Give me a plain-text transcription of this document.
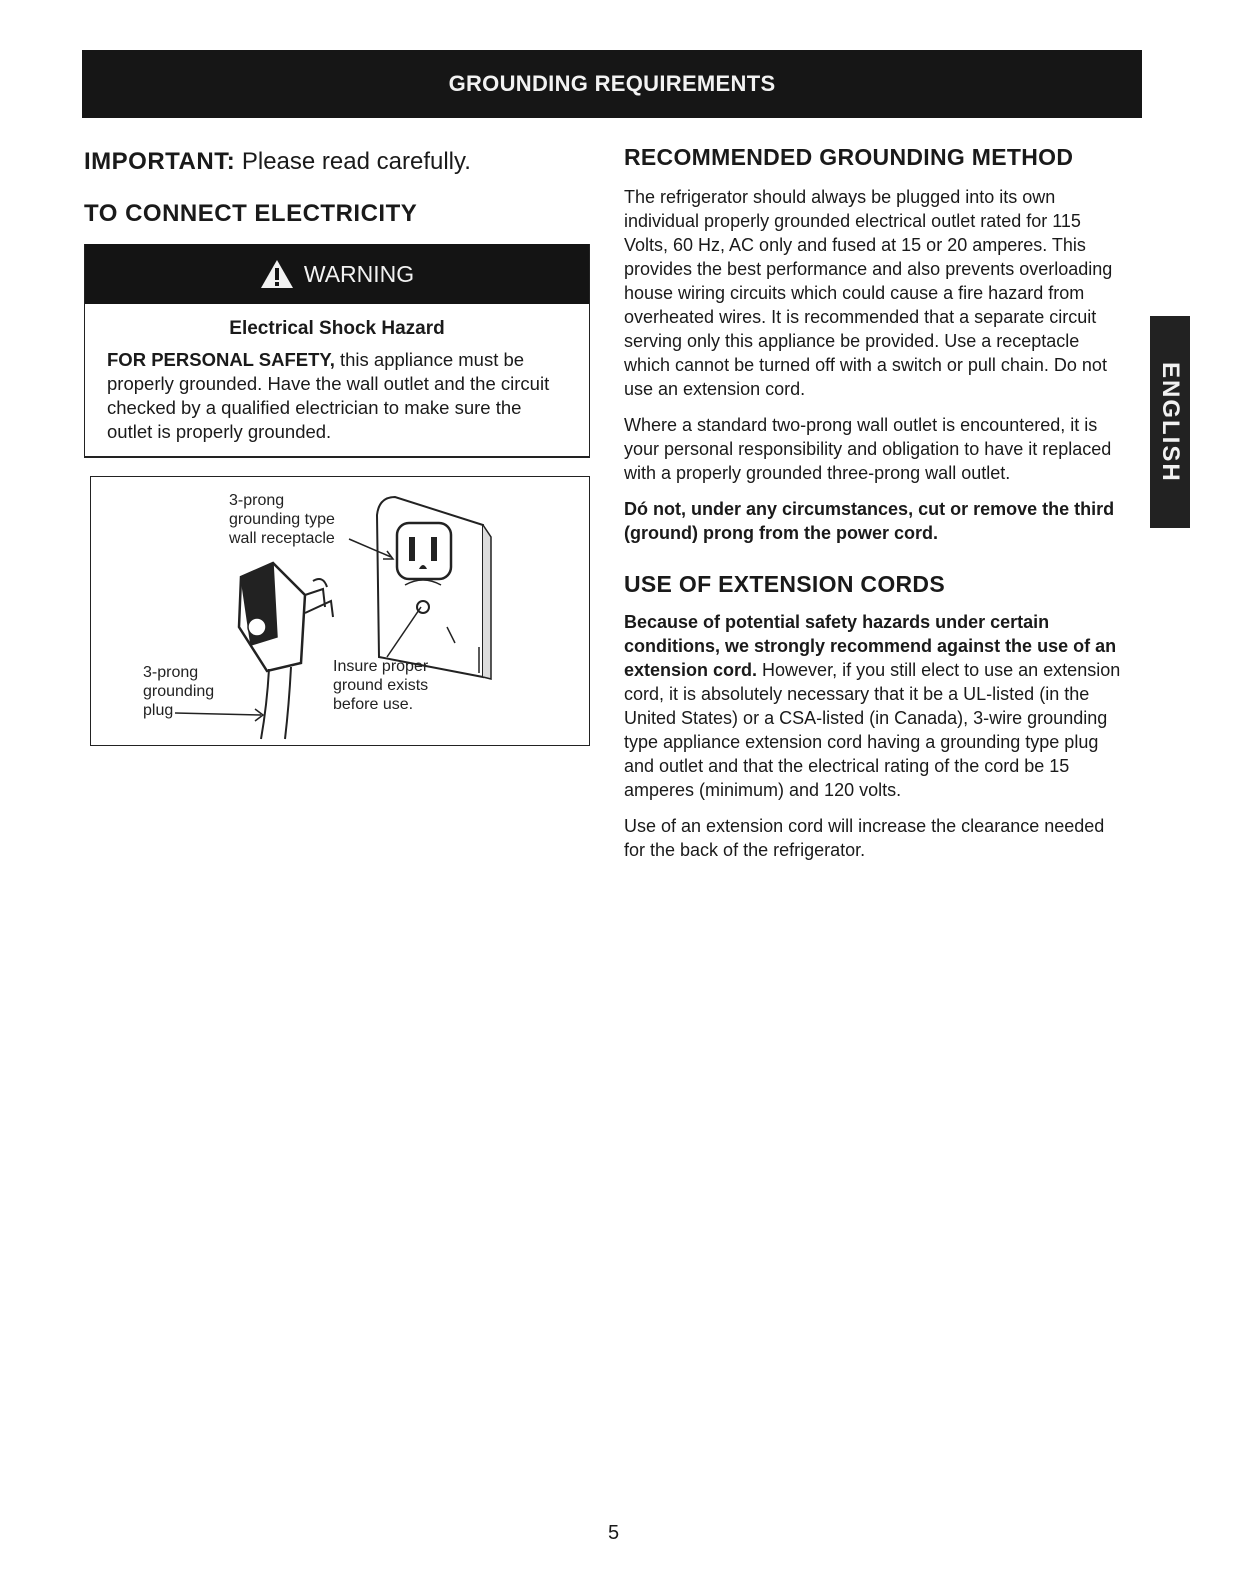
GROUNDING REQUIREMENTS
IMPORTANT: Please read carefully.
TO CONNECT ELECTRICITY
WARNING
Electrical Shock Hazard
FOR PERSONAL SAFETY, this appliance must be properly grounded. Have the wall outlet and the circuit checked by a qualified electrician to make sure the outlet is properly grounded.
3-prong
grounding type
wall receptacle
3-prong
grounding
plug
Insure proper
ground exists
before use.
RECOMMENDED GROUNDING METHOD

The refrigerator should always be plugged into its own individual properly grounded electrical outlet rated for 115 Volts, 60 Hz, AC only and fused at 15 or 20 amperes. This provides the best performance and also prevents overloading house wiring circuits which could cause a fire hazard from overheated wires. It is recommended that a separate circuit serving only this appliance be provided. Use a receptacle which cannot be turned off with a switch or pull chain. Do not use an extension cord.

Where a standard two-prong wall outlet is encountered, it is your personal responsibility and obligation to have it replaced with a properly grounded three-prong wall outlet.

Dó not, under any circumstances, cut or remove the third (ground) prong from the power cord.

USE OF EXTENSION CORDS

Because of potential safety hazards under certain conditions, we strongly recommend against the use of an extension cord. However, if you still elect to use an extension cord, it is absolutely necessary that it be a UL-listed (in the United States) or a CSA-listed (in Canada), 3-wire grounding type appliance extension cord having a grounding type plug and outlet and that the electrical rating of the cord be 15 amperes (minimum) and 120 volts.

Use of an extension cord will increase the clearance needed for the back of the refrigerator.

ENGLISH
5
